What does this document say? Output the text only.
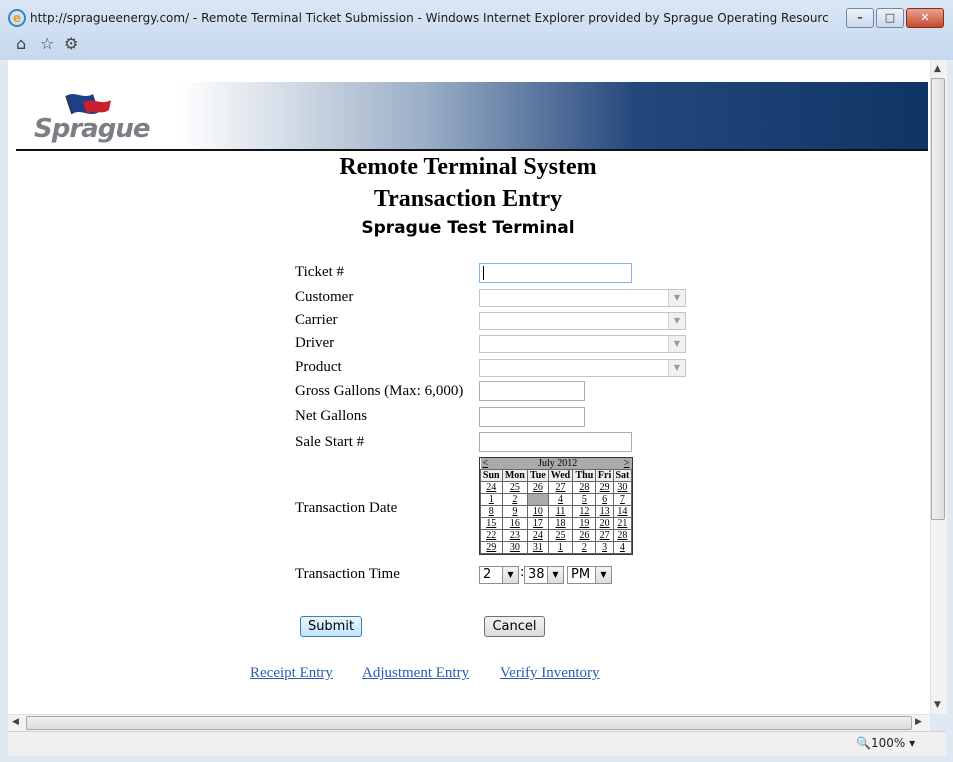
e http://spragueenergy.com/ - Remote Terminal Ticket Submission - Windows Internet Explorer provided by Sprague Operating Resourc	–	□	✕
⌂ ☆ ⚙
Sprague
Remote Terminal System
Transaction Entry
Sprague Test Terminal
Ticket #
Customer
Carrier
Driver
Product
Gross Gallons (Max: 6,000)
Net Gallons
Sale Start #
Transaction Date
Transaction Time
▼
▼
▼
▼
<	July 2012					>
Sun	Mon	Tue	Wed	Thu	Fri	Sat
24	25	26	27	28	29	30
1	2	3	4	5	6	7
8	9	10	11	12	13	14
15	16	17	18	19	20	21
22	23	24	25	26	27	28
29	30	31	1	2	3	4
2	▼ : 38 ▼ PM	▼
Submit	Cancel
Receipt Entry Adjustment Entry Verify Inventory
▲
▼
◀	▶
🔍100% ▾
